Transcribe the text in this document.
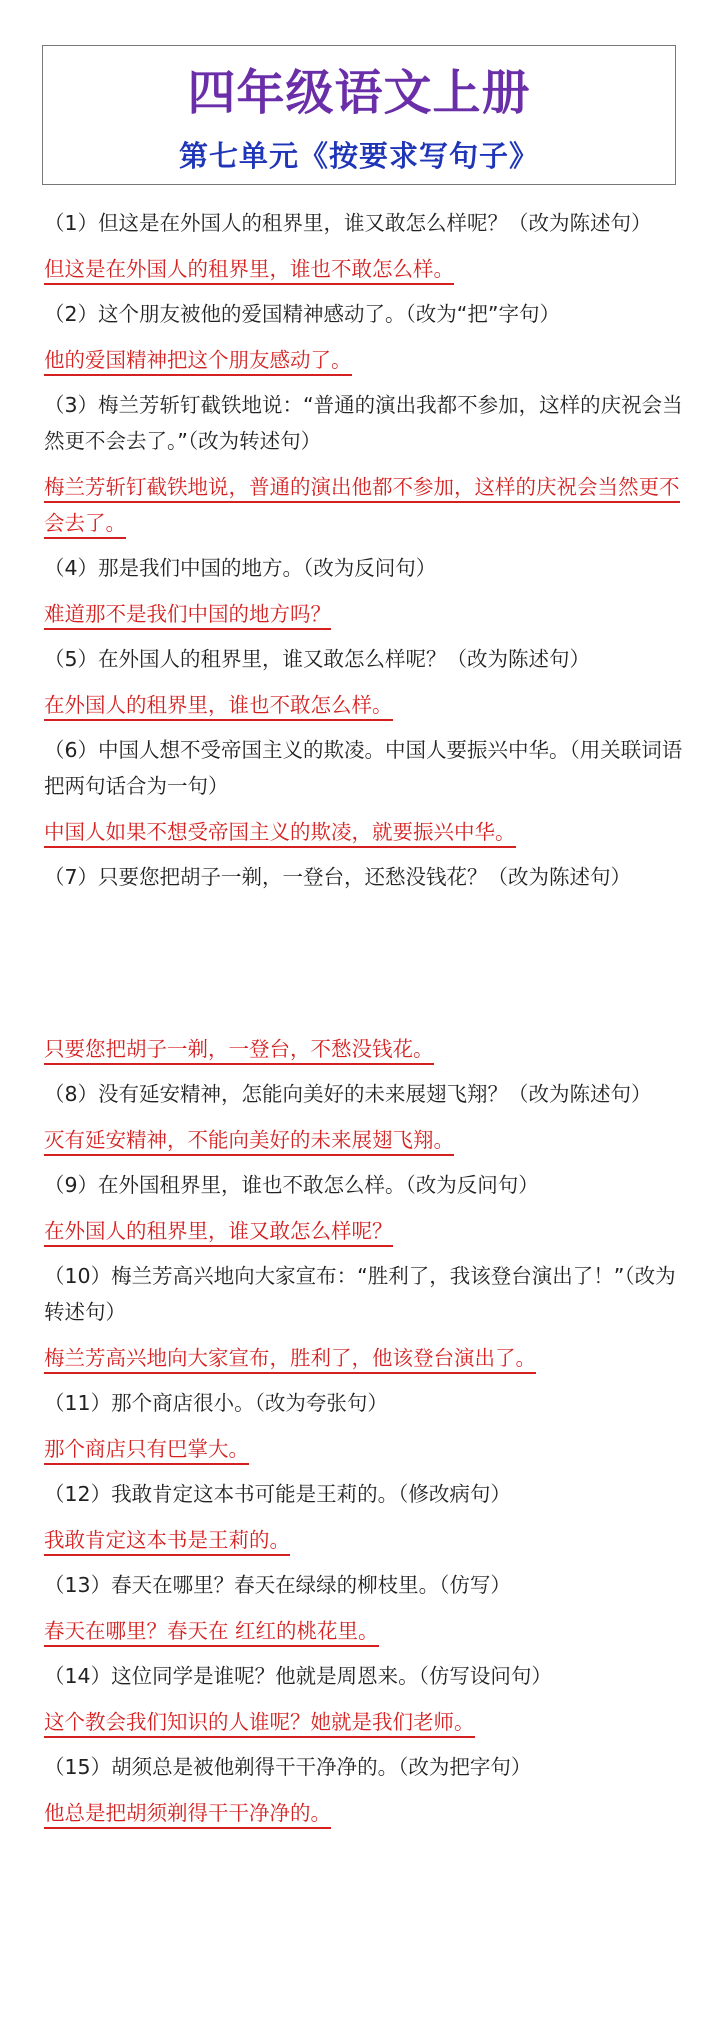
四年级语文上册
第七单元《按要求写句子》

（1）但这是在外国人的租界里，谁又敢怎么样呢？（改为陈述句）

但这是在外国人的租界里，谁也不敢怎么样。

（2）这个朋友被他的爱国精神感动了。（改为“把”字句）

他的爱国精神把这个朋友感动了。

（3）梅兰芳斩钉截铁地说：“普通的演出我都不参加，这样的庆祝会当然更不会去了。”（改为转述句）

梅兰芳斩钉截铁地说，普通的演出他都不参加，这样的庆祝会当然更不会去了。

（4）那是我们中国的地方。（改为反问句）

难道那不是我们中国的地方吗？

（5）在外国人的租界里，谁又敢怎么样呢？（改为陈述句）

在外国人的租界里，谁也不敢怎么样。

（6）中国人想不受帝国主义的欺凌。中国人要振兴中华。（用关联词语把两句话合为一句）

中国人如果不想受帝国主义的欺凌，就要振兴中华。

（7）只要您把胡子一剃，一登台，还愁没钱花？（改为陈述句）

只要您把胡子一剃，一登台，不愁没钱花。

（8）没有延安精神，怎能向美好的未来展翅飞翔？（改为陈述句）

灭有延安精神，不能向美好的未来展翅飞翔。

（9）在外国租界里，谁也不敢怎么样。（改为反问句）

在外国人的租界里，谁又敢怎么样呢？

（10）梅兰芳高兴地向大家宣布：“胜利了，我该登台演出了！”（改为转述句）

梅兰芳高兴地向大家宣布，胜利了，他该登台演出了。

（11）那个商店很小。（改为夸张句）

那个商店只有巴掌大。

（12）我敢肯定这本书可能是王莉的。（修改病句）

我敢肯定这本书是王莉的。

（13）春天在哪里？春天在绿绿的柳枝里。（仿写）

春天在哪里？春天在 红红的桃花里。

（14）这位同学是谁呢？他就是周恩来。（仿写设问句）

这个教会我们知识的人谁呢？她就是我们老师。

（15）胡须总是被他剃得干干净净的。（改为把字句）

他总是把胡须剃得干干净净的。
